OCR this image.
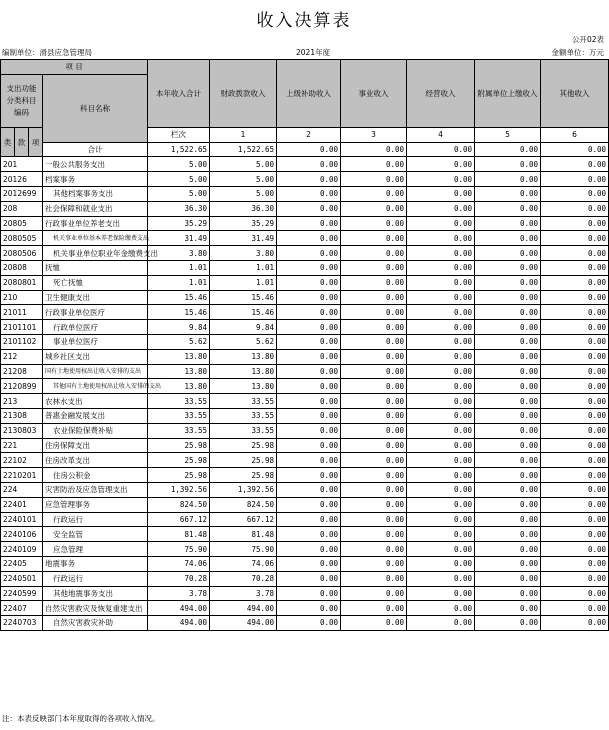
收入决算表
公开02表
编制单位：滑县应急管理局	2021年度	金额单位：万元
项 目				本年收入合计	财政拨款收入	上级补助收入	事业收入	经营收入	附属单位上缴收入	其他收入	
支出功能分类科目编码			科目名称								

类	款	项		栏次	1	2	3	4	5	6	
			合计	1,522.65	1,522.65	0.00	0.00	0.00	0.00	0.00	
201			一般公共服务支出	5.00	5.00	0.00	0.00	0.00	0.00	0.00	
20126			档案事务	5.00	5.00	0.00	0.00	0.00	0.00	0.00	
2012699			其他档案事务支出	5.00	5.00	0.00	0.00	0.00	0.00	0.00	
208			社会保障和就业支出	36.30	36.30	0.00	0.00	0.00	0.00	0.00	
20805			行政事业单位养老支出	35.29	35.29	0.00	0.00	0.00	0.00	0.00	
2080505			机关事业单位基本养老保险缴费支出	31.49	31.49	0.00	0.00	0.00	0.00	0.00	
2080506			机关事业单位职业年金缴费支出	3.80	3.80	0.00	0.00	0.00	0.00	0.00	
20808			抚恤	1.01	1.01	0.00	0.00	0.00	0.00	0.00	
2080801			死亡抚恤	1.01	1.01	0.00	0.00	0.00	0.00	0.00	
210			卫生健康支出	15.46	15.46	0.00	0.00	0.00	0.00	0.00	
21011			行政事业单位医疗	15.46	15.46	0.00	0.00	0.00	0.00	0.00	
2101101			行政单位医疗	9.84	9.84	0.00	0.00	0.00	0.00	0.00	
2101102			事业单位医疗	5.62	5.62	0.00	0.00	0.00	0.00	0.00	
212			城乡社区支出	13.80	13.80	0.00	0.00	0.00	0.00	0.00	
21208			国有土地使用权出让收入安排的支出	13.80	13.80	0.00	0.00	0.00	0.00	0.00	
2120899			其他国有土地使用权出让收入安排的支出	13.80	13.80	0.00	0.00	0.00	0.00	0.00	
213			农林水支出	33.55	33.55	0.00	0.00	0.00	0.00	0.00	
21308			普惠金融发展支出	33.55	33.55	0.00	0.00	0.00	0.00	0.00	
2130803			农业保险保费补贴	33.55	33.55	0.00	0.00	0.00	0.00	0.00	
221			住房保障支出	25.98	25.98	0.00	0.00	0.00	0.00	0.00	
22102			住房改革支出	25.98	25.98	0.00	0.00	0.00	0.00	0.00	
2210201			住房公积金	25.98	25.98	0.00	0.00	0.00	0.00	0.00	
224			灾害防治及应急管理支出	1,392.56	1,392.56	0.00	0.00	0.00	0.00	0.00	
22401			应急管理事务	824.50	824.50	0.00	0.00	0.00	0.00	0.00	
2240101			行政运行	667.12	667.12	0.00	0.00	0.00	0.00	0.00	
2240106			安全监管	81.48	81.48	0.00	0.00	0.00	0.00	0.00	
2240109			应急管理	75.90	75.90	0.00	0.00	0.00	0.00	0.00	
22405			地震事务	74.06	74.06	0.00	0.00	0.00	0.00	0.00	
2240501			行政运行	70.28	70.28	0.00	0.00	0.00	0.00	0.00	
2240599			其他地震事务支出	3.78	3.78	0.00	0.00	0.00	0.00	0.00	
22407			自然灾害救灾及恢复重建支出	494.00	494.00	0.00	0.00	0.00	0.00	0.00	
2240703			自然灾害救灾补助	494.00	494.00	0.00	0.00	0.00	0.00	0.00	
注：本表反映部门本年度取得的各项收入情况。
